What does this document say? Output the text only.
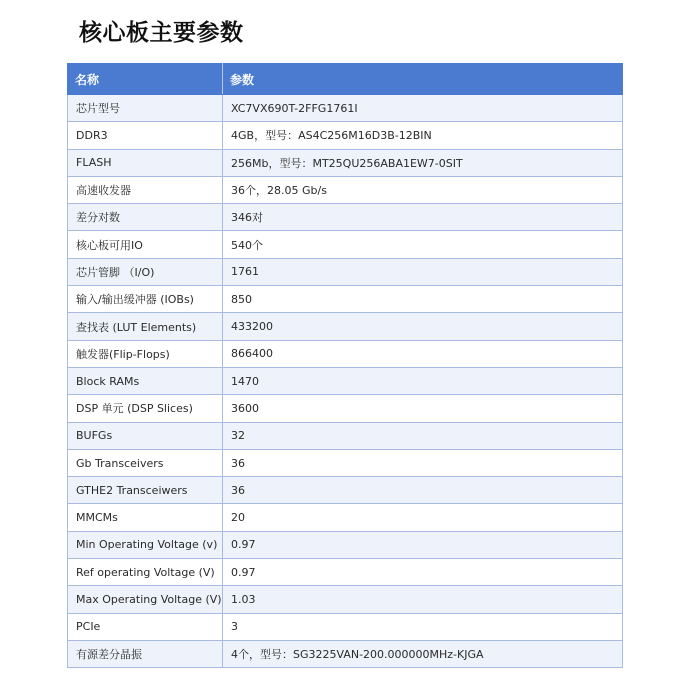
核心板主要参数
名称	参数
芯片型号	XC7VX690T-2FFG1761I
DDR3	4GB，型号：AS4C256M16D3B-12BIN
FLASH	256Mb，型号：MT25QU256ABA1EW7-0SIT
高速收发器	36个，28.05 Gb/s
差分对数	346对
核心板可用IO	540个
芯片管脚 （I/O)	1761
输入/输出缓冲器 (IOBs)	850
查找表 (LUT Elements)	433200
触发器(Flip-Flops)	866400
Block RAMs	1470
DSP 单元 (DSP Slices)	3600
BUFGs	32
Gb Transceivers	36
GTHE2 Transceiwers	36
MMCMs	20
Min Operating Voltage (v)	0.97
Ref operating Voltage (V)	0.97
Max Operating Voltage (V)	1.03
PCIe	3
有源差分晶振	4个，型号：SG3225VAN-200.000000MHz-KJGA
